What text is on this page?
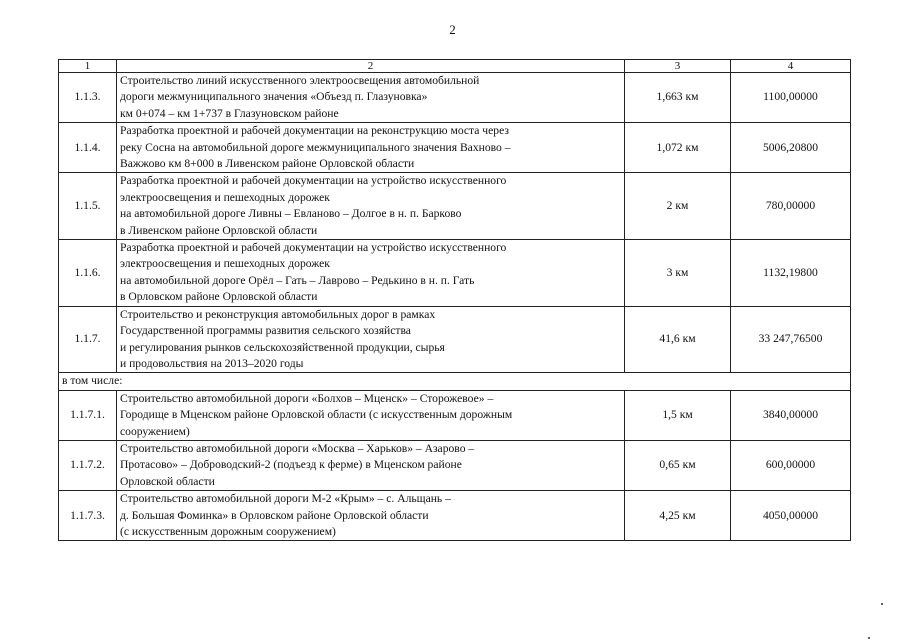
2
1	2	3	4
1.1.3.	Строительство линий искусственного электроосвещения автомобильной
дороги межмуниципального значения «Объезд п. Глазуновка»
км 0+074 – км 1+737 в Глазуновском районе	1,663 км	1100,00000
1.1.4.	Разработка проектной и рабочей документации на реконструкцию моста через
реку Сосна на автомобильной дороге межмуниципального значения Вахново –
Важжово км 8+000 в Ливенском районе Орловской области	1,072 км	5006,20800
1.1.5.	Разработка проектной и рабочей документации на устройство искусственного
электроосвещения и пешеходных дорожек
на автомобильной дороге Ливны – Евланово – Долгое в н. п. Барково
в Ливенском районе Орловской области	2 км	780,00000
1.1.6.	Разработка проектной и рабочей документации на устройство искусственного
электроосвещения и пешеходных дорожек
на автомобильной дороге Орёл – Гать – Лаврово – Редькино в н. п. Гать
в Орловском районе Орловской области	3 км	1132,19800
1.1.7.	Строительство и реконструкция автомобильных дорог в рамках
Государственной программы развития сельского хозяйства
и регулирования рынков сельскохозяйственной продукции, сырья
и продовольствия на 2013–2020 годы	41,6 км	33 247,76500
в том числе:			
1.1.7.1.	Строительство автомобильной дороги «Болхов – Мценск» – Сторожевое» –
Городище в Мценском районе Орловской области (с искусственным дорожным
сооружением)	1,5 км	3840,00000
1.1.7.2.	Строительство автомобильной дороги «Москва – Харьков» – Азарово –
Протасово» – Доброводский-2 (подъезд к ферме) в Мценском районе
Орловской области	0,65 км	600,00000
1.1.7.3.	Строительство автомобильной дороги М-2 «Крым» – с. Альщань –
д. Большая Фоминка» в Орловском районе Орловской области
(с искусственным дорожным сооружением)	4,25 км	4050,00000
